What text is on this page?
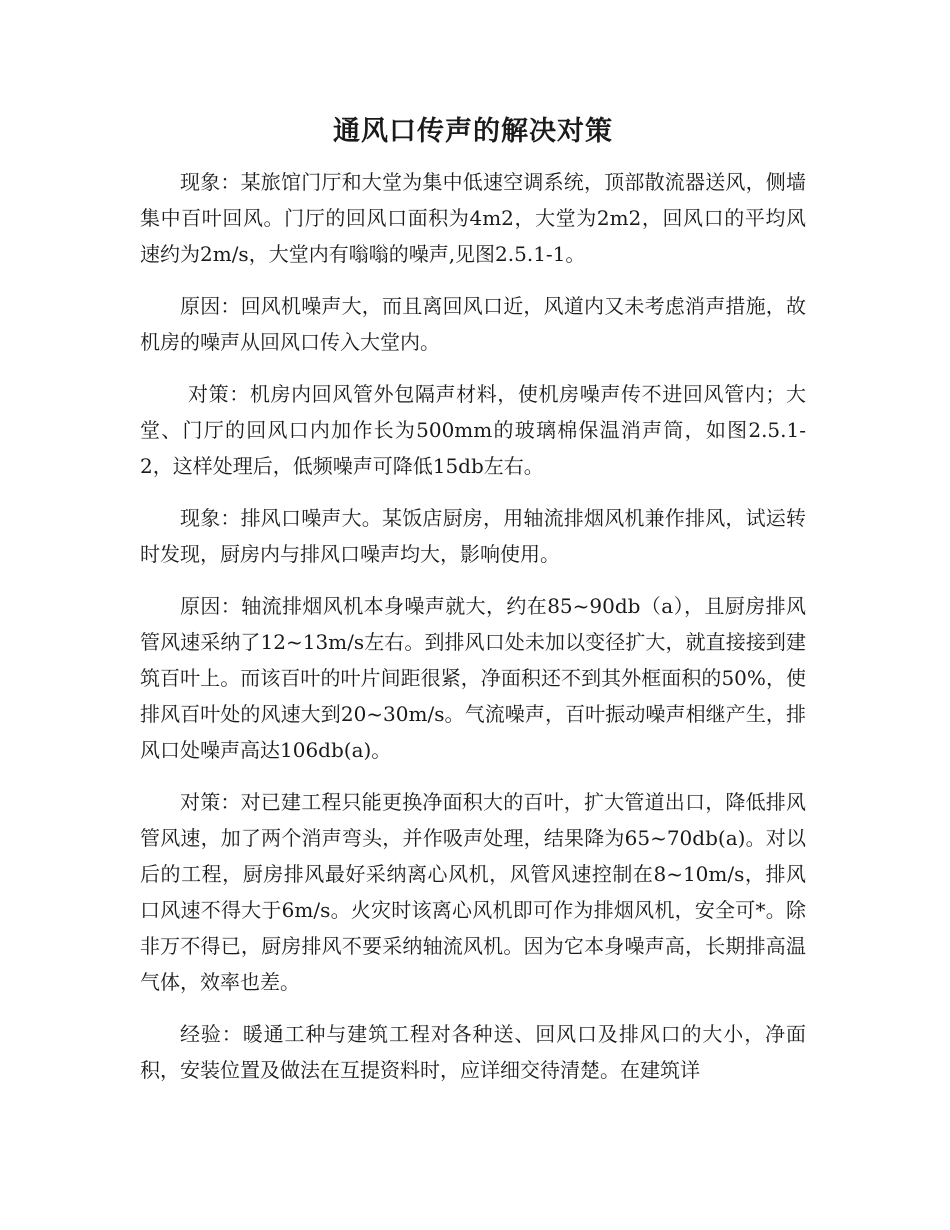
通风口传声的解决对策

现象：某旅馆门厅和大堂为集中低速空调系统，顶部散流器送风，侧墙集中百叶回风。门厅的回风口面积为4m2，大堂为2m2，回风口的平均风速约为2m/s，大堂内有嗡嗡的噪声,见图2.5.1-1。

原因：回风机噪声大，而且离回风口近，风道内又未考虑消声措施，故机房的噪声从回风口传入大堂内。

对策：机房内回风管外包隔声材料，使机房噪声传不进回风管内；大堂、门厅的回风口内加作长为500mm的玻璃棉保温消声筒，如图2.5.1-2，这样处理后，低频噪声可降低15db左右。

现象：排风口噪声大。某饭店厨房，用轴流排烟风机兼作排风，试运转时发现，厨房内与排风口噪声均大，影响使用。

原因：轴流排烟风机本身噪声就大，约在85~90db（a），且厨房排风管风速采纳了12~13m/s左右。到排风口处未加以变径扩大，就直接接到建筑百叶上。而该百叶的叶片间距很紧，净面积还不到其外框面积的50%，使排风百叶处的风速大到20~30m/s。气流噪声，百叶振动噪声相继产生，排风口处噪声高达106db(a)。

对策：对已建工程只能更换净面积大的百叶，扩大管道出口，降低排风管风速，加了两个消声弯头，并作吸声处理，结果降为65~70db(a)。对以后的工程，厨房排风最好采纳离心风机，风管风速控制在8~10m/s，排风口风速不得大于6m/s。火灾时该离心风机即可作为排烟风机，安全可*。除非万不得已，厨房排风不要采纳轴流风机。因为它本身噪声高，长期排高温气体，效率也差。

经验：暖通工种与建筑工程对各种送、回风口及排风口的大小，净面积，安装位置及做法在互提资料时，应详细交待清楚。在建筑详
